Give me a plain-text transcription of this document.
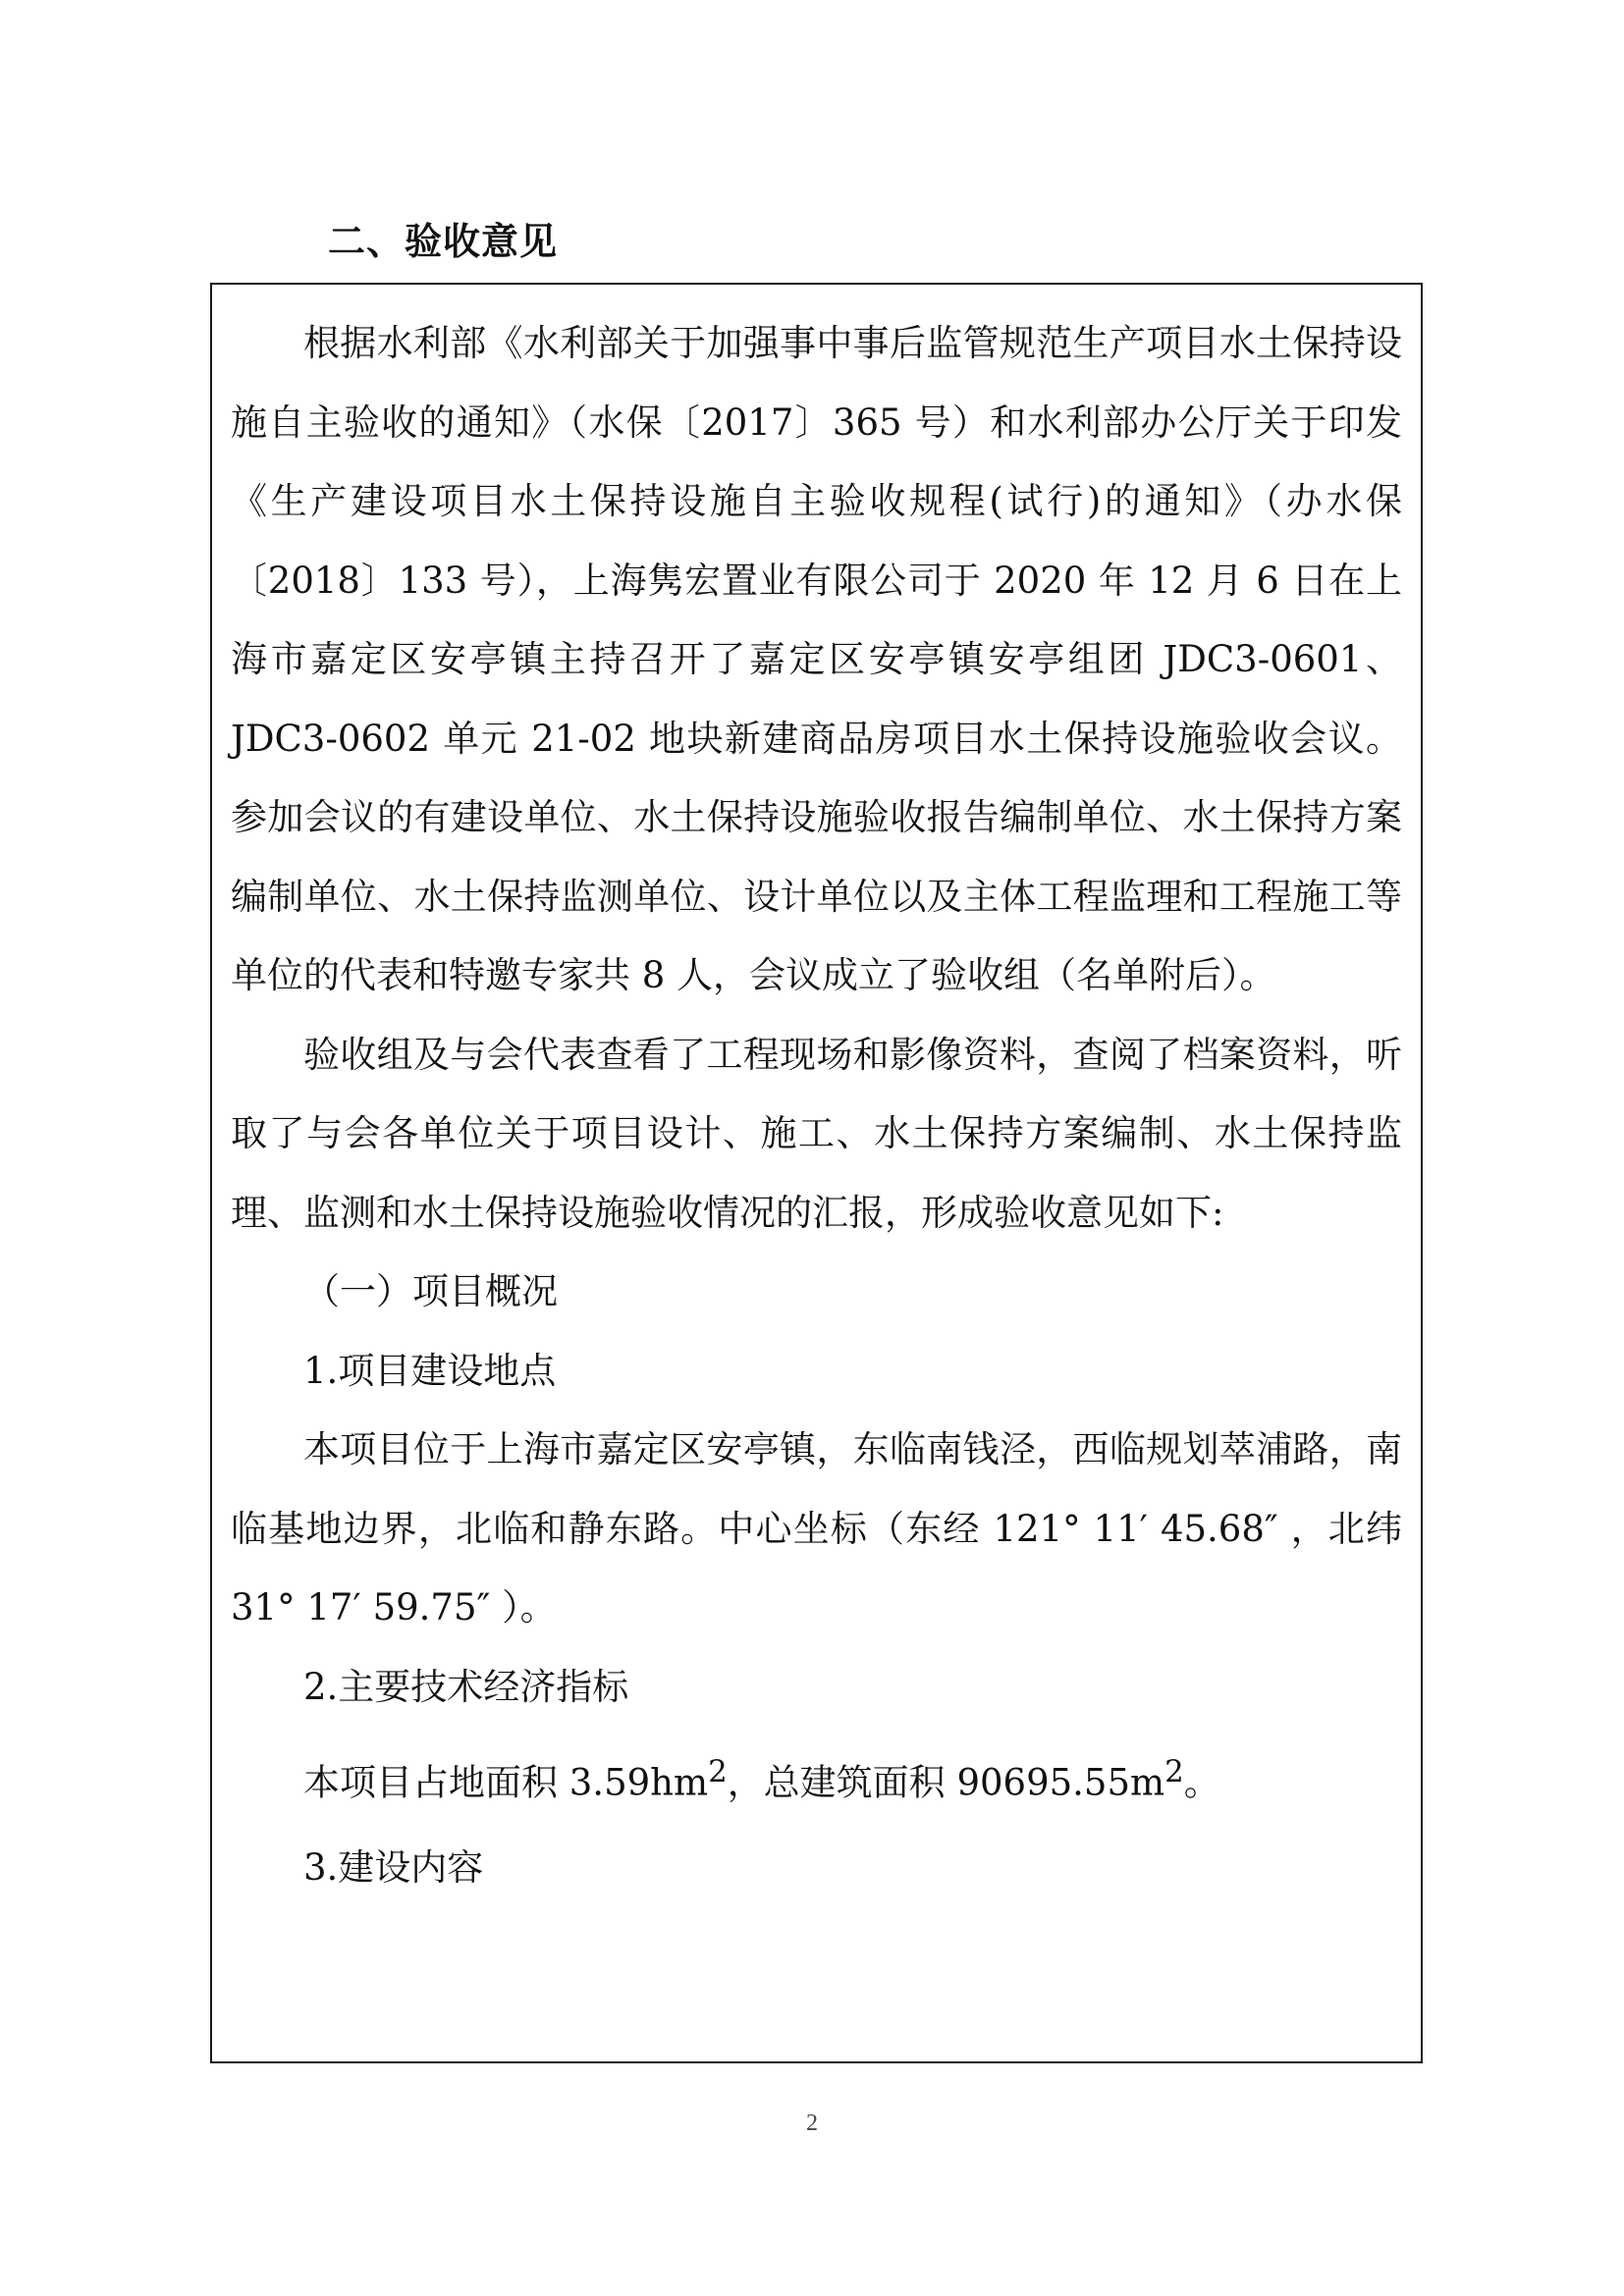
二、验收意见

根据水利部《水利部关于加强事中事后监管规范生产项目水土保持设施自主验收的通知》（水保〔2017〕365 号）和水利部办公厅关于印发《生产建设项目水土保持设施自主验收规程(试行)的通知》（办水保〔2018〕133 号），上海隽宏置业有限公司于 2020 年 12 月 6 日在上海市嘉定区安亭镇主持召开了嘉定区安亭镇安亭组团 JDC3-0601、JDC3-0602 单元 21-02 地块新建商品房项目水土保持设施验收会议。参加会议的有建设单位、水土保持设施验收报告编制单位、水土保持方案编制单位、水土保持监测单位、设计单位以及主体工程监理和工程施工等单位的代表和特邀专家共 8 人，会议成立了验收组（名单附后）。

验收组及与会代表查看了工程现场和影像资料，查阅了档案资料，听取了与会各单位关于项目设计、施工、水土保持方案编制、水土保持监理、监测和水土保持设施验收情况的汇报，形成验收意见如下:

（一）项目概况

1.项目建设地点

本项目位于上海市嘉定区安亭镇，东临南钱泾，西临规划萃浦路，南临基地边界，北临和静东路。中心坐标（东经 121° 11′ 45.68″ ，北纬 31° 17′ 59.75″ ）。

2.主要技术经济指标

本项目占地面积 $3.59hm^2$，总建筑面积 $90695.55m^2$。

3.建设内容

2
